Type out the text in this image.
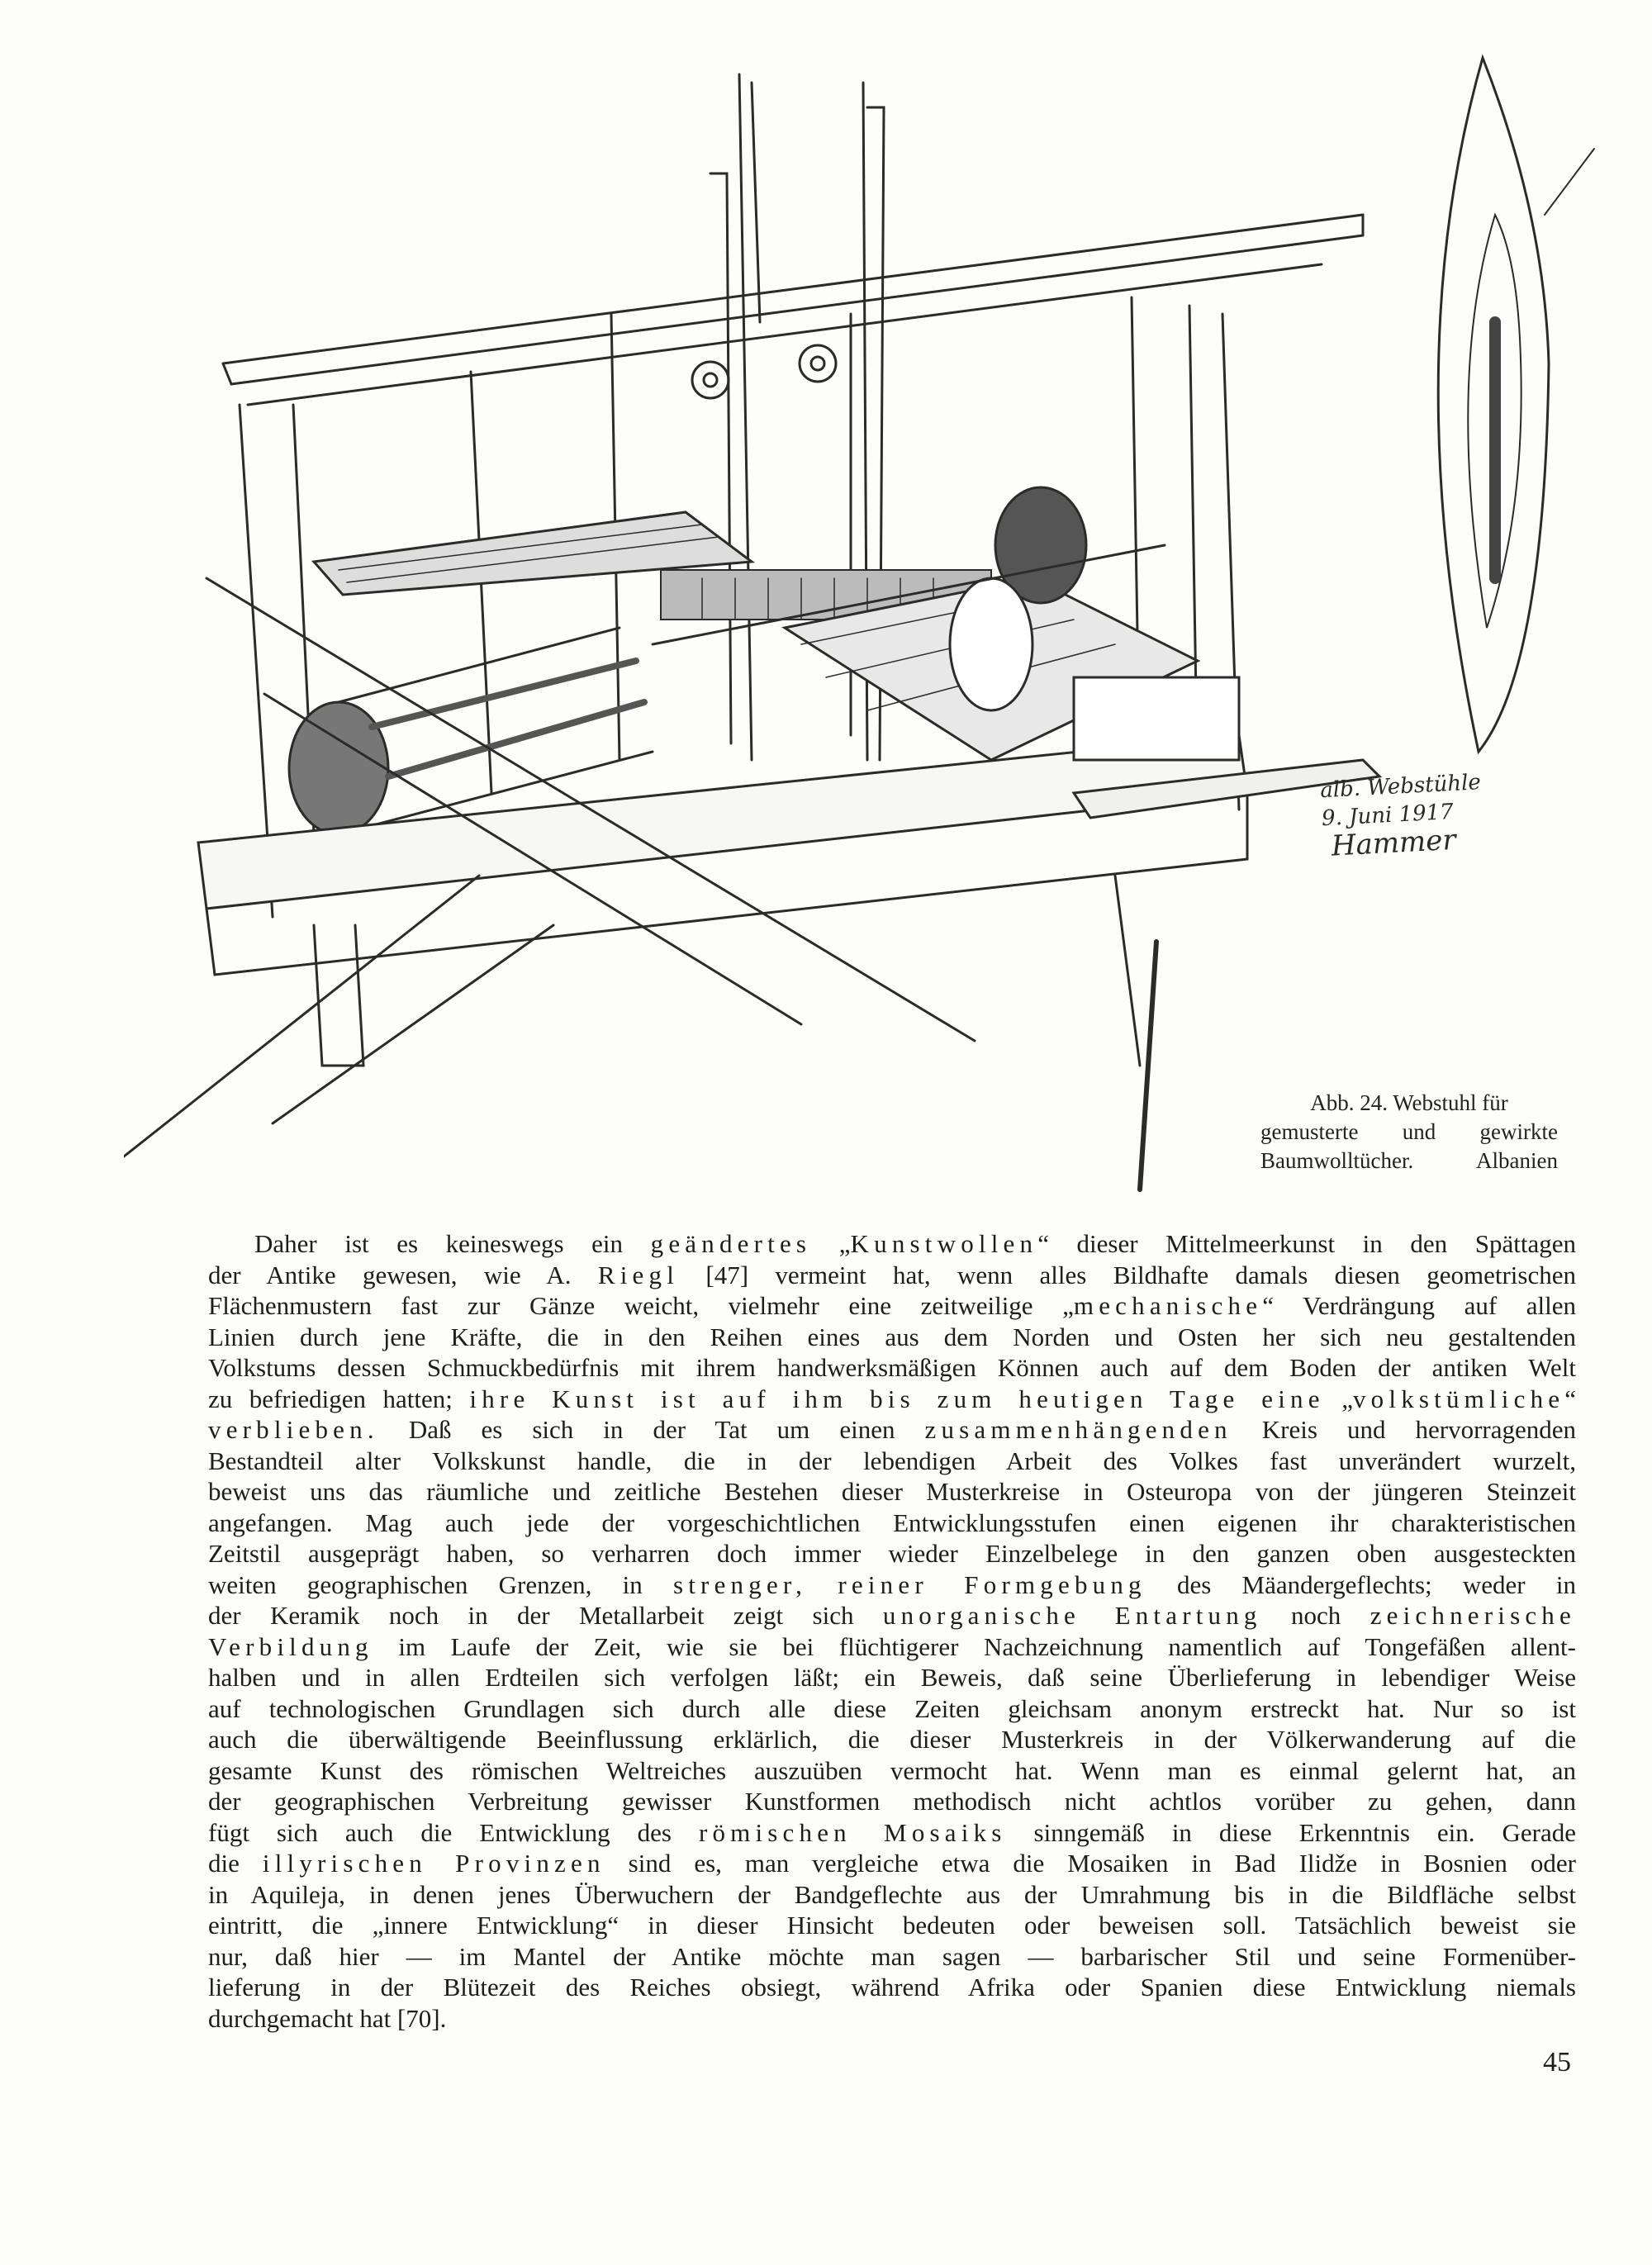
alb. Webstühle
9. Juni 1917
Hammer
Abb. 24. Webstuhl für
gemusterte und gewirkte
Baumwolltücher. Albanien
Daher ist es keineswegs ein geändertes „Kunstwollen“ dieser Mittelmeerkunst in den Spättagen
der Antike gewesen, wie A. Riegl [47] vermeint hat, wenn alles Bildhafte damals diesen geometrischen
Flächenmustern fast zur Gänze weicht, vielmehr eine zeitweilige „mechanische“ Verdrängung auf allen
Linien durch jene Kräfte, die in den Reihen eines aus dem Norden und Osten her sich neu gestaltenden
Volkstums dessen Schmuckbedürfnis mit ihrem handwerksmäßigen Können auch auf dem Boden der antiken Welt
zu befriedigen hatten; ihre Kunst ist auf ihm bis zum heutigen Tage eine „volkstümliche“
verblieben. Daß es sich in der Tat um einen zusammenhängenden Kreis und hervorragenden
Bestandteil alter Volkskunst handle, die in der lebendigen Arbeit des Volkes fast unverändert wurzelt,
beweist uns das räumliche und zeitliche Bestehen dieser Musterkreise in Osteuropa von der jüngeren Steinzeit
angefangen. Mag auch jede der vorgeschichtlichen Entwicklungsstufen einen eigenen ihr charakteristischen
Zeitstil ausgeprägt haben, so verharren doch immer wieder Einzelbelege in den ganzen oben ausgesteckten
weiten geographischen Grenzen, in strenger, reiner Formgebung des Mäandergeflechts; weder in
der Keramik noch in der Metallarbeit zeigt sich unorganische Entartung noch zeichnerische
Verbildung im Laufe der Zeit, wie sie bei flüchtigerer Nachzeichnung namentlich auf Tongefäßen allent-
halben und in allen Erdteilen sich verfolgen läßt; ein Beweis, daß seine Überlieferung in lebendiger Weise
auf technologischen Grundlagen sich durch alle diese Zeiten gleichsam anonym erstreckt hat. Nur so ist
auch die überwältigende Beeinflussung erklärlich, die dieser Musterkreis in der Völkerwanderung auf die
gesamte Kunst des römischen Weltreiches auszuüben vermocht hat. Wenn man es einmal gelernt hat, an
der geographischen Verbreitung gewisser Kunstformen methodisch nicht achtlos vorüber zu gehen, dann
fügt sich auch die Entwicklung des römischen Mosaiks sinngemäß in diese Erkenntnis ein. Gerade
die illyrischen Provinzen sind es, man vergleiche etwa die Mosaiken in Bad Ilidže in Bosnien oder
in Aquileja, in denen jenes Überwuchern der Bandgeflechte aus der Umrahmung bis in die Bildfläche selbst
eintritt, die „innere Entwicklung“ in dieser Hinsicht bedeuten oder beweisen soll. Tatsächlich beweist sie
nur, daß hier — im Mantel der Antike möchte man sagen — barbarischer Stil und seine Formenüber-
lieferung in der Blütezeit des Reiches obsiegt, während Afrika oder Spanien diese Entwicklung niemals
durchgemacht hat [70].
45
